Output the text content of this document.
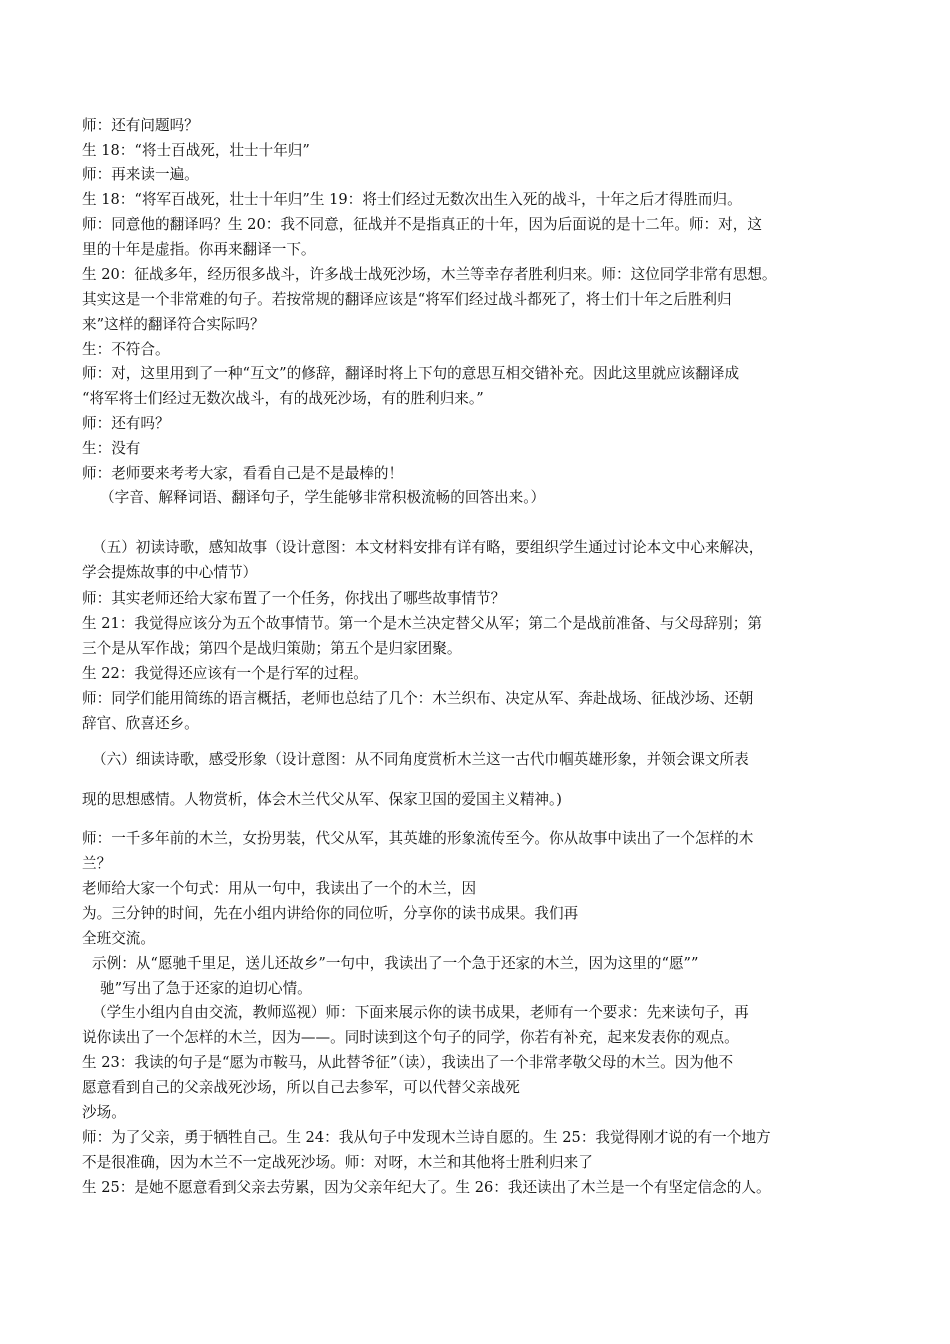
师：还有问题吗？
生 18：“将士百战死，壮士十年归”
师：再来读一遍。
生 18：“将军百战死，壮士十年归”生 19：将士们经过无数次出生入死的战斗，十年之后才得胜而归。
师：同意他的翻译吗？生 20：我不同意，征战并不是指真正的十年，因为后面说的是十二年。师：对，这
里的十年是虚指。你再来翻译一下。
生 20：征战多年，经历很多战斗，许多战士战死沙场，木兰等幸存者胜利归来。师：这位同学非常有思想。
其实这是一个非常难的句子。若按常规的翻译应该是“将军们经过战斗都死了，将士们十年之后胜利归
来”这样的翻译符合实际吗？
生：不符合。
师：对，这里用到了一种“互文”的修辞，翻译时将上下句的意思互相交错补充。因此这里就应该翻译成
“将军将士们经过无数次战斗，有的战死沙场，有的胜利归来。”
师：还有吗？
生：没有
师：老师要来考考大家，看看自己是不是最棒的！
（字音、解释词语、翻译句子，学生能够非常积极流畅的回答出来。）
（五）初读诗歌，感知故事（设计意图：本文材料安排有详有略，要组织学生通过讨论本文中心来解决，
学会提炼故事的中心情节）
师：其实老师还给大家布置了一个任务，你找出了哪些故事情节？
生 21：我觉得应该分为五个故事情节。第一个是木兰决定替父从军；第二个是战前准备、与父母辞别；第
三个是从军作战；第四个是战归策勋；第五个是归家团聚。
生 22：我觉得还应该有一个是行军的过程。
师：同学们能用简练的语言概括，老师也总结了几个：木兰织布、决定从军、奔赴战场、征战沙场、还朝
辞官、欣喜还乡。
（六）细读诗歌，感受形象（设计意图：从不同角度赏析木兰这一古代巾帼英雄形象，并领会课文所表
现的思想感情。人物赏析，体会木兰代父从军、保家卫国的爱国主义精神。)
师：一千多年前的木兰，女扮男装，代父从军，其英雄的形象流传至今。你从故事中读出了一个怎样的木
兰？
老师给大家一个句式：用从一句中，我读出了一个的木兰，因
为。三分钟的时间，先在小组内讲给你的同位听，分享你的读书成果。我们再
全班交流。
示例：从“愿驰千里足，送儿还故乡”一句中，我读出了一个急于还家的木兰，因为这里的“愿””
驰”写出了急于还家的迫切心情。
（学生小组内自由交流，教师巡视）师：下面来展示你的读书成果，老师有一个要求：先来读句子，再
说你读出了一个怎样的木兰，因为——。同时读到这个句子的同学，你若有补充，起来发表你的观点。
生 23：我读的句子是“愿为市鞍马，从此替爷征”（读），我读出了一个非常孝敬父母的木兰。因为他不
愿意看到自己的父亲战死沙场，所以自己去参军，可以代替父亲战死
沙场。
师：为了父亲，勇于牺牲自己。生 24：我从句子中发现木兰诗自愿的。生 25：我觉得刚才说的有一个地方
不是很准确，因为木兰不一定战死沙场。师：对呀，木兰和其他将士胜利归来了
生 25：是她不愿意看到父亲去劳累，因为父亲年纪大了。生 26：我还读出了木兰是一个有坚定信念的人。
